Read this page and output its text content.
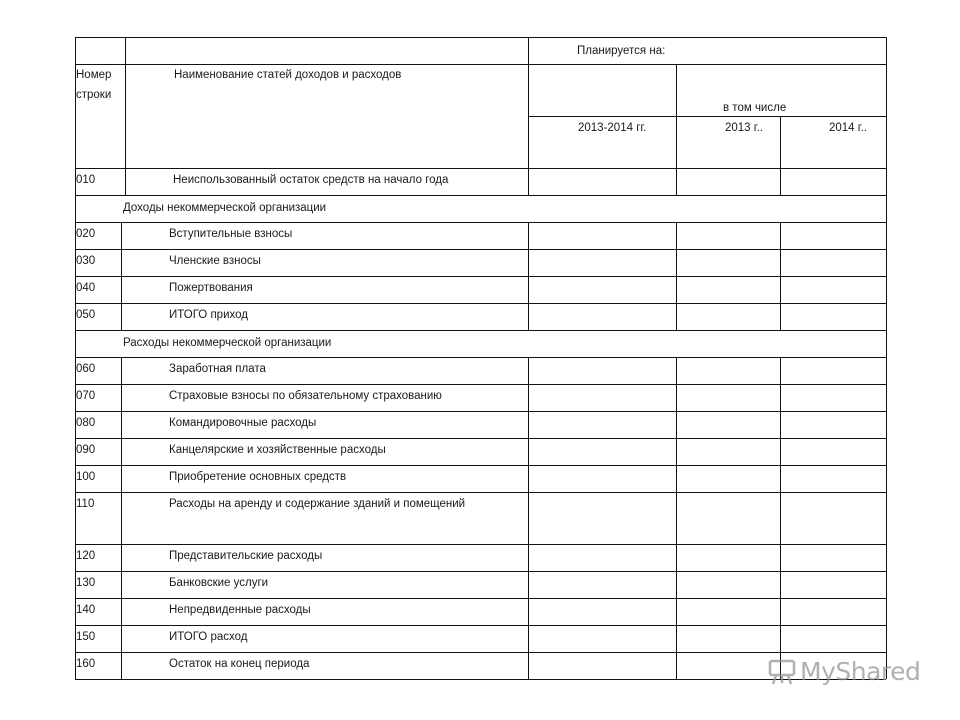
Планируется на:
Номер
строки
Наименование статей доходов и расходов
в том числе
2013-2014 гг.	2013 г..	2014 г..
010	Неиспользованный остаток средств на начало года
Доходы некоммерческой организации
020	Вступительные взносы
030	Членские взносы
040	Пожертвования
050	ИТОГО приход
Расходы некоммерческой организации
060	Заработная плата
070	Страховые взносы по обязательному страхованию
080	Командировочные расходы
090	Канцелярские и хозяйственные расходы
100	Приобретение основных средств
110	Расходы на аренду и содержание зданий и помещений
120	Представительские расходы
130	Банковские услуги
140	Непредвиденные расходы
150	ИТОГО расход
160	Остаток на конец периода	MyShared
